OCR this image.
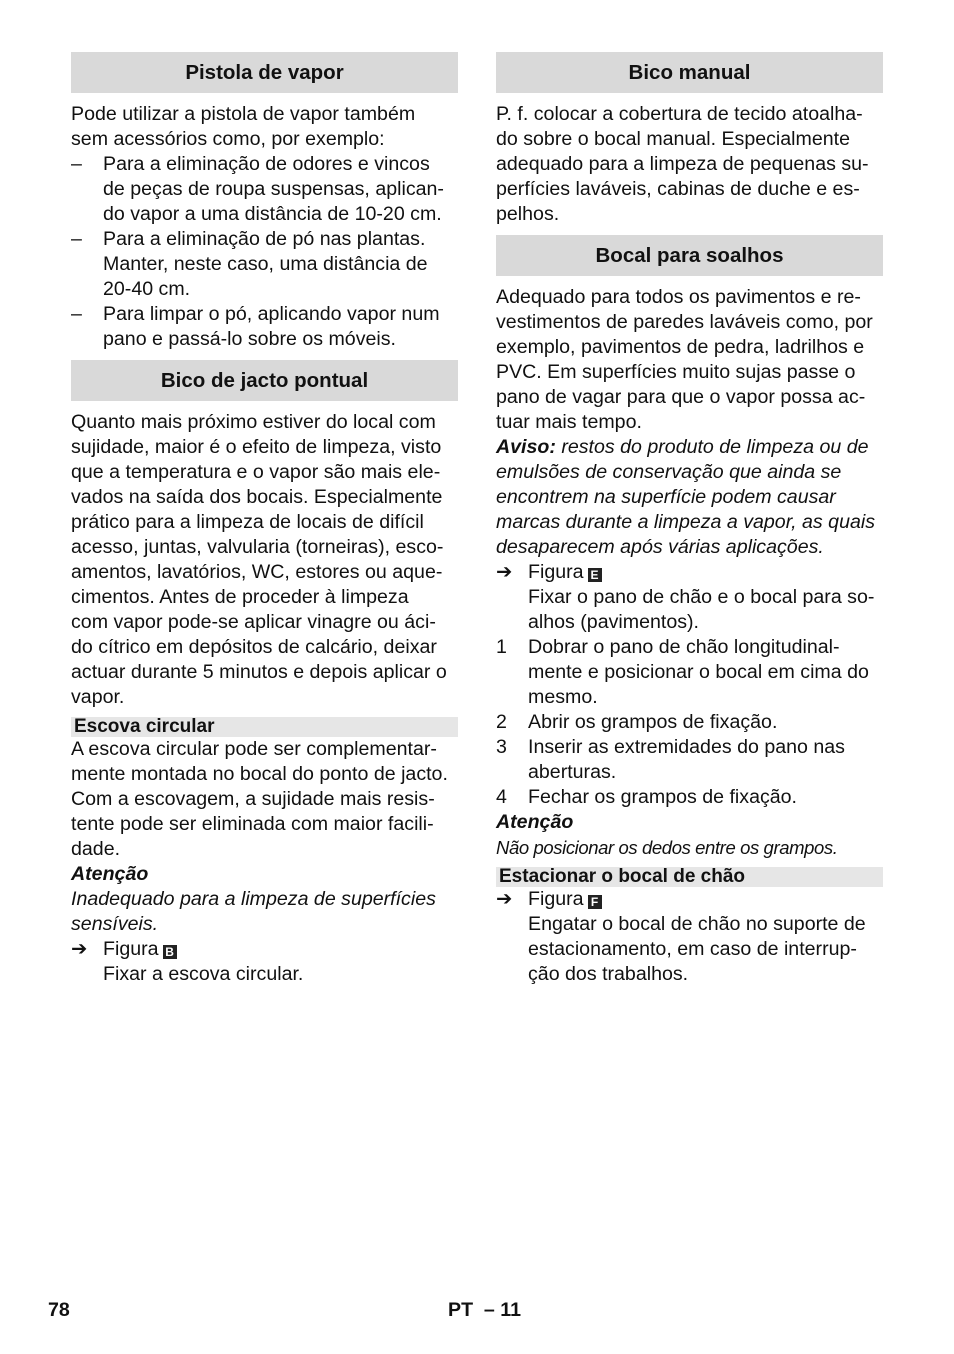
Pistola de vapor

Pode utilizar a pistola de vapor também
sem acessórios como, por exemplo:

–	Para a eliminação de odores e vincos
de peças de roupa suspensas, aplican-
do vapor a uma distância de 10-20 cm.
–	Para a eliminação de pó nas plantas.
Manter, neste caso, uma distância de
20-40 cm.
–	Para limpar o pó, aplicando vapor num
pano e passá-lo sobre os móveis.
Bico de jacto pontual

Quanto mais próximo estiver do local com
sujidade, maior é o efeito de limpeza, visto
que a temperatura e o vapor são mais ele-
vados na saída dos bocais. Especialmente
prático para a limpeza de locais de difícil
acesso, juntas, valvularia (torneiras), esco-
amentos, lavatórios, WC, estores ou aque-
cimentos. Antes de proceder à limpeza
com vapor pode-se aplicar vinagre ou áci-
do cítrico em depósitos de calcário, deixar
actuar durante 5 minutos e depois aplicar o
vapor.

Escova circular

A escova circular pode ser complementar-
mente montada no bocal do ponto de jacto.
Com a escovagem, a sujidade mais resis-
tente pode ser eliminada com maior facili-
dade.

Atenção

Inadequado para a limpeza de superfícies
sensíveis.

➔ Figura B
Fixar a escova circular.
Bico manual

P. f. colocar a cobertura de tecido atoalha-
do sobre o bocal manual. Especialmente
adequado para a limpeza de pequenas su-
perfícies laváveis, cabinas de duche e es-
pelhos.

Bocal para soalhos

Adequado para todos os pavimentos e re-
vestimentos de paredes laváveis como, por
exemplo, pavimentos de pedra, ladrilhos e
PVC. Em superfícies muito sujas passe o
pano de vagar para que o vapor possa ac-
tuar mais tempo.

Aviso: restos do produto de limpeza ou de
emulsões de conservação que ainda se
encontrem na superfície podem causar
marcas durante a limpeza a vapor, as quais
desaparecem após várias aplicações.

➔ Figura E
Fixar o pano de chão e o bocal para so-
alhos (pavimentos).
1	Dobrar o pano de chão longitudinal-
mente e posicionar o bocal em cima do
mesmo.
2	Abrir os grampos de fixação.
3	Inserir as extremidades do pano nas
aberturas.
4	Fechar os grampos de fixação.

Atenção

Não posicionar os dedos entre os grampos.

Estacionar o bocal de chão
➔ Figura F
Engatar o bocal de chão no suporte de
estacionamento, em caso de interrup-
ção dos trabalhos.
78	PT  – 11
